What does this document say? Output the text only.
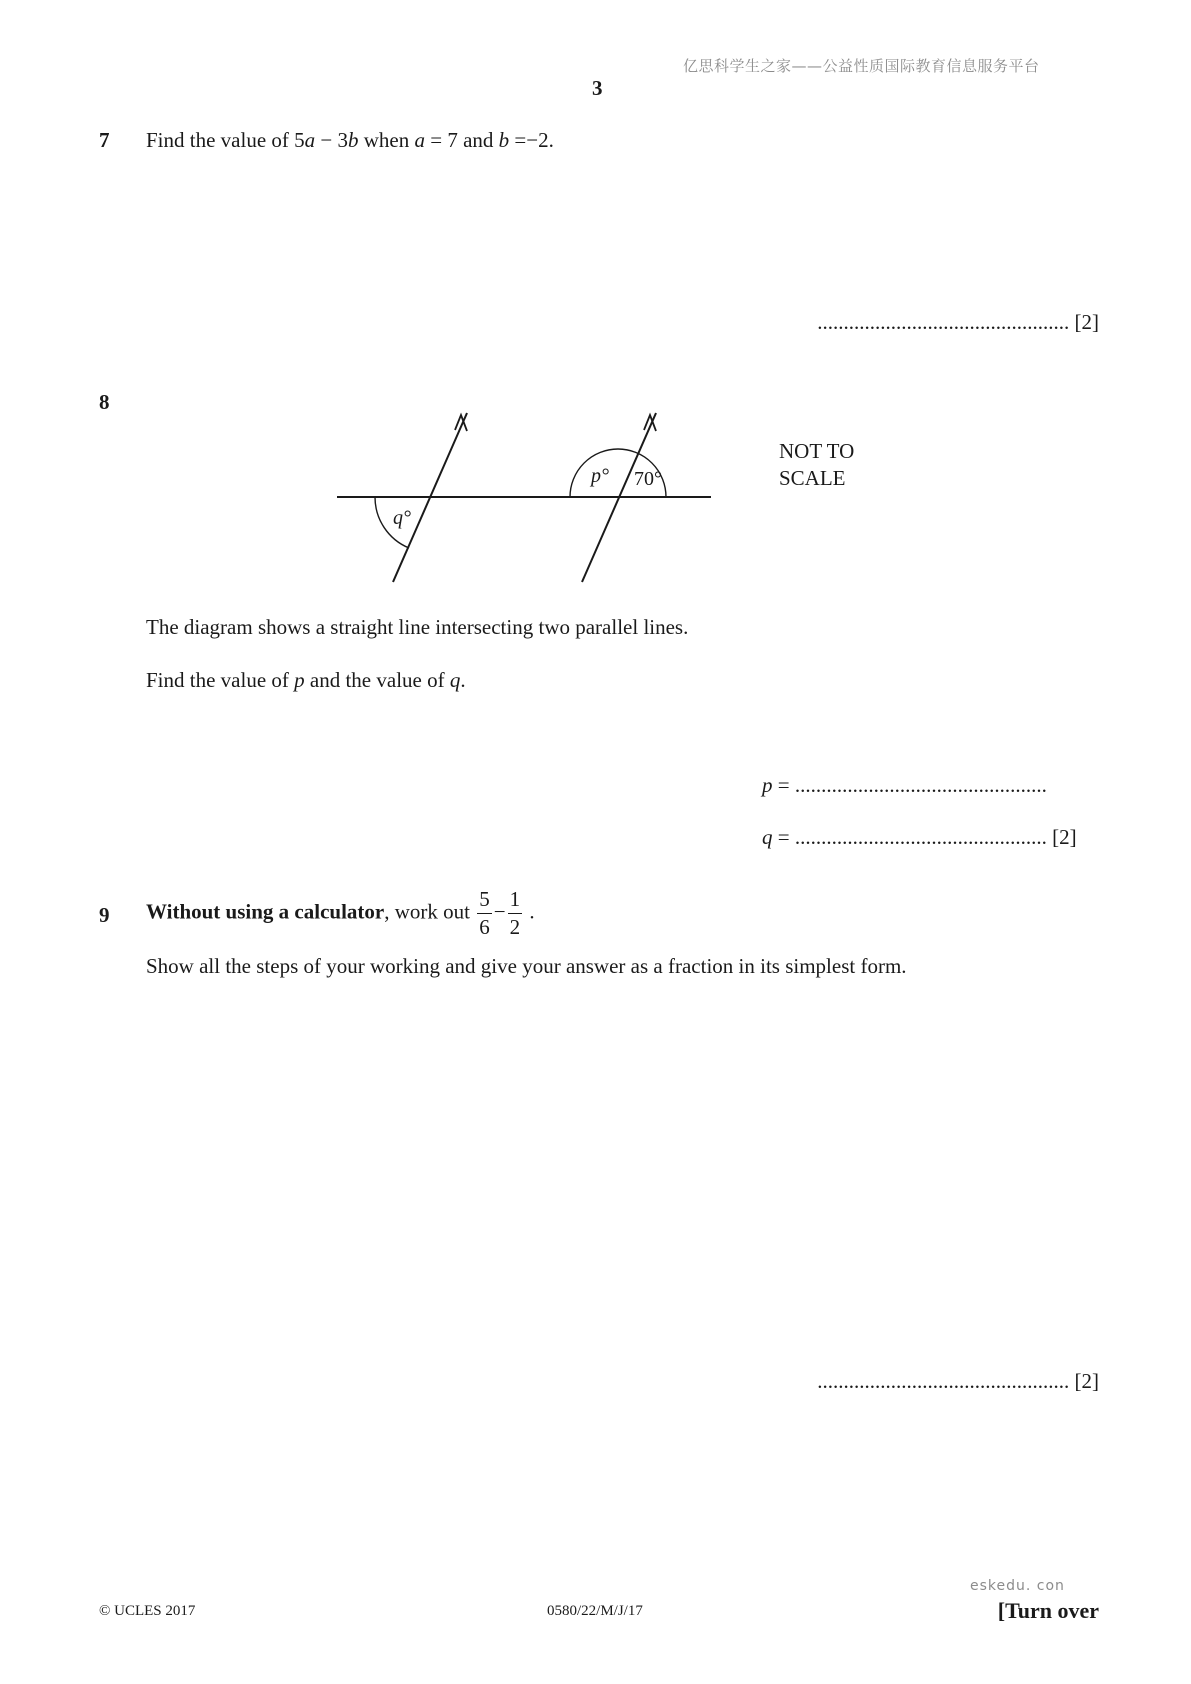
亿思科学生之家——公益性质国际教育信息服务平台
3
7 Find the value of 5a − 3b when a = 7 and b =−2.
................................................ [2]
8
p° 70°
q°
NOT TO
SCALE
The diagram shows a straight line intersecting two parallel lines.
Find the value of p and the value of q.
p = ................................................
q = ................................................ [2]
9 Without using a calculator, work out $\frac{5}{6} - \frac{1}{2}$ .
Show all the steps of your working and give your answer as a fraction in its simplest form.
................................................ [2]
eskedu. con
© UCLES 2017	0580/22/M/J/17	[Turn over
